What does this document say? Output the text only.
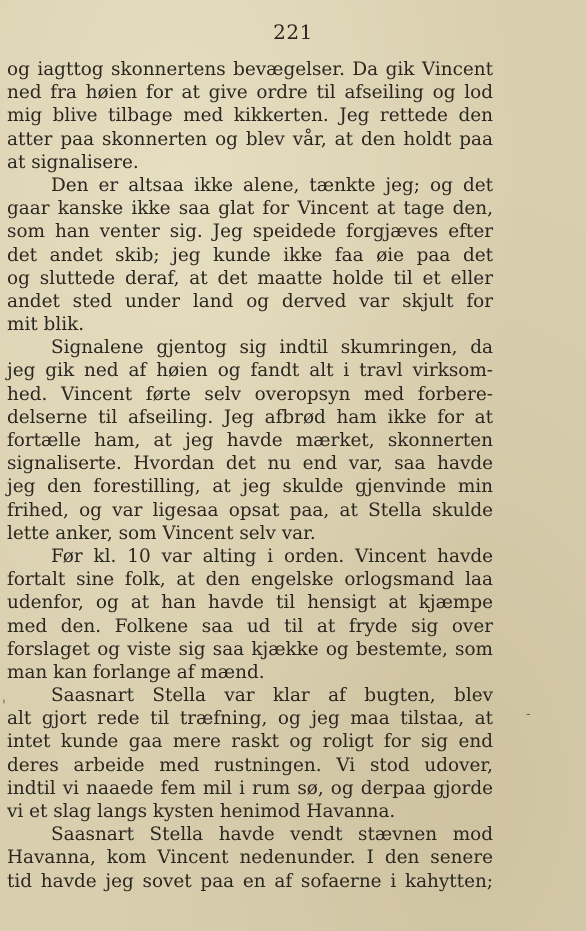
221
og iagttog skonnertens bevægelser. Da gik Vincent
ned fra høien for at give ordre til afseiling og lod
mig blive tilbage med kikkerten. Jeg rettede den
atter paa skonnerten og blev vår, at den holdt paa
at signalisere.
Den er altsaa ikke alene, tænkte jeg; og det
gaar kanske ikke saa glat for Vincent at tage den,
som han venter sig. Jeg speidede forgjæves efter
det andet skib; jeg kunde ikke faa øie paa det
og sluttede deraf, at det maatte holde til et eller
andet sted under land og derved var skjult for
mit blik.
Signalene gjentog sig indtil skumringen, da
jeg gik ned af høien og fandt alt i travl virksom-
hed. Vincent førte selv overopsyn med forbere-
delserne til afseiling. Jeg afbrød ham ikke for at
fortælle ham, at jeg havde mærket, skonnerten
signaliserte. Hvordan det nu end var, saa havde
jeg den forestilling, at jeg skulde gjenvinde min
frihed, og var ligesaa opsat paa, at Stella skulde
lette anker, som Vincent selv var.
Før kl. 10 var alting i orden. Vincent havde
fortalt sine folk, at den engelske orlogsmand laa
udenfor, og at han havde til hensigt at kjæmpe
med den. Folkene saa ud til at fryde sig over
forslaget og viste sig saa kjække og bestemte, som
man kan forlange af mænd.
Saasnart Stella var klar af bugten, blev
alt gjort rede til træfning, og jeg maa tilstaa, at
intet kunde gaa mere raskt og roligt for sig end
deres arbeide med rustningen. Vi stod udover,
indtil vi naaede fem mil i rum sø, og derpaa gjorde
vi et slag langs kysten henimod Havanna.
Saasnart Stella havde vendt stævnen mod
Havanna, kom Vincent nedenunder. I den senere
tid havde jeg sovet paa en af sofaerne i kahytten;
'	-
